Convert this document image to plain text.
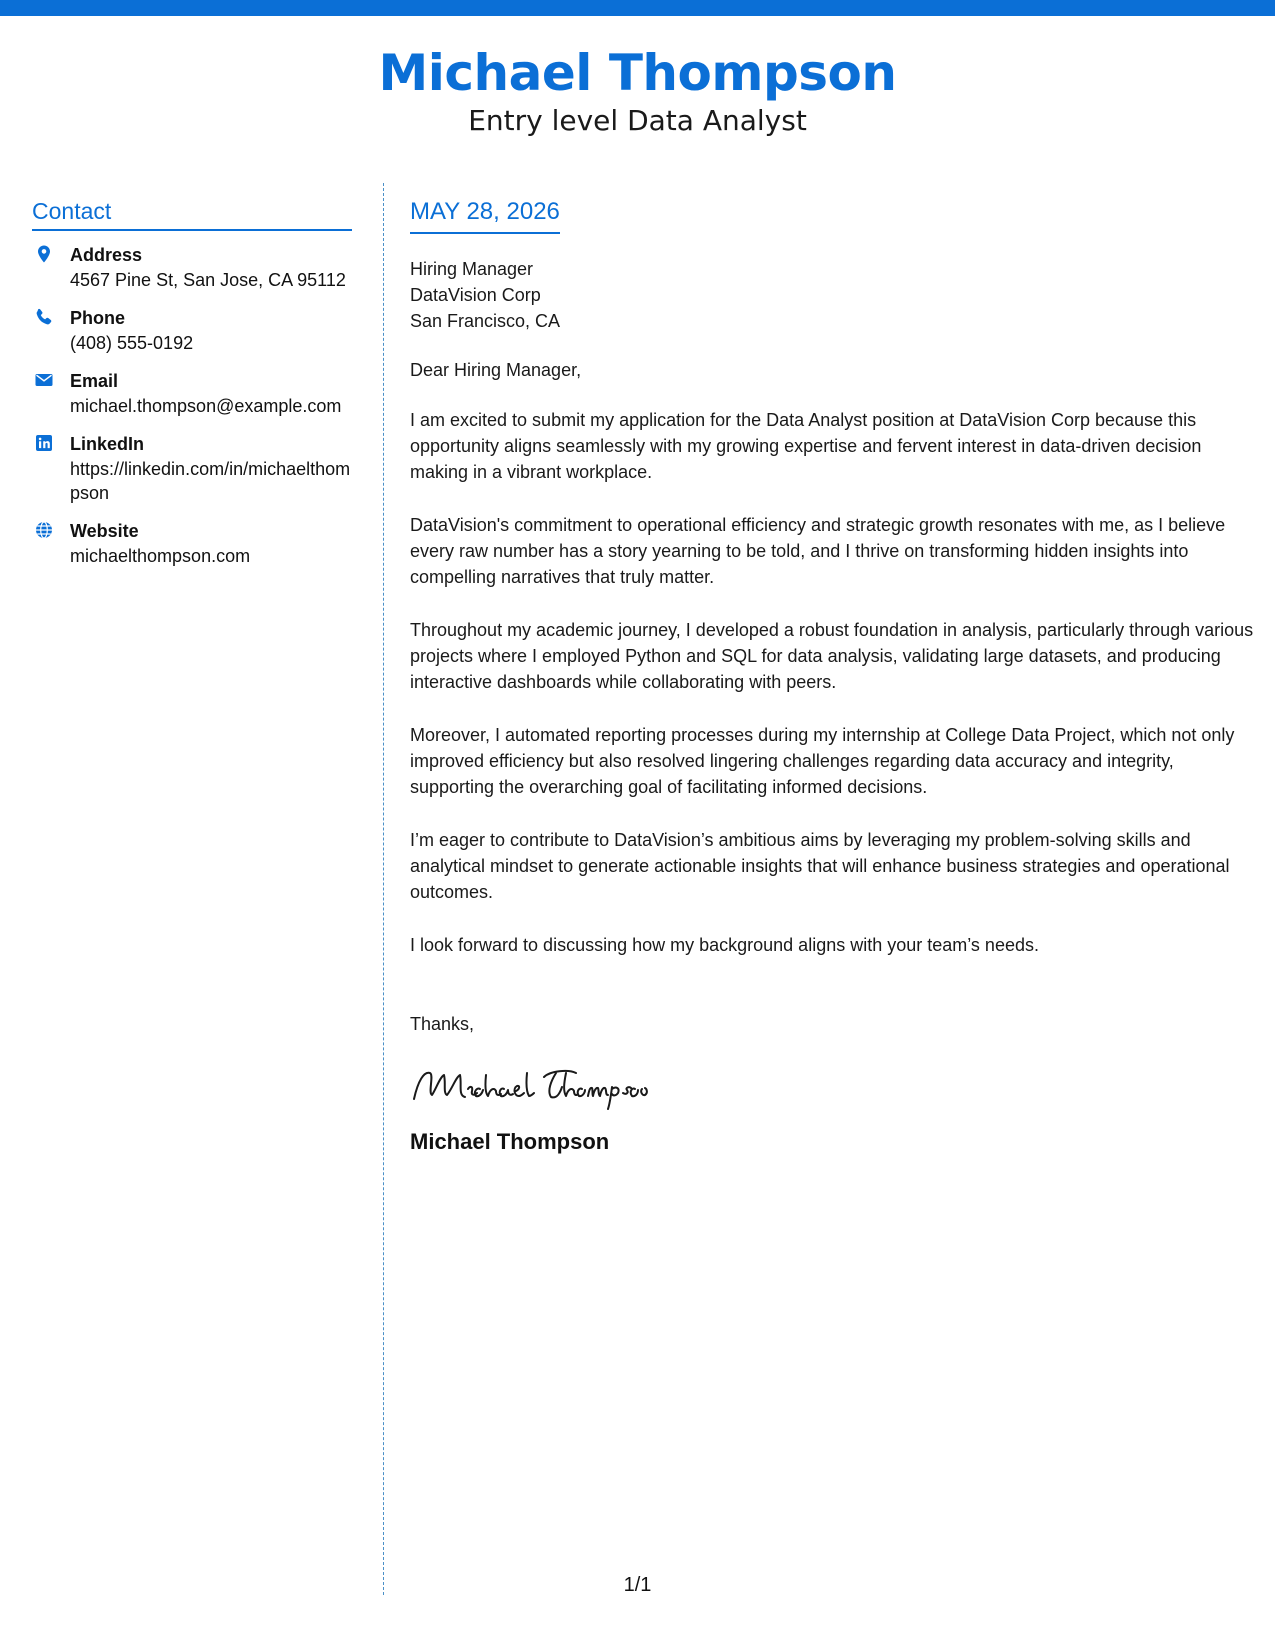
Michael Thompson
Entry level Data Analyst
Contact
Address
4567 Pine St, San Jose, CA 95112
Phone
(408) 555-0192
Email
michael.thompson@example.com
LinkedIn
https://linkedin.com/in/michaelthompson
Website
michaelthompson.com
MAY 28, 2026
Hiring Manager
DataVision Corp
San Francisco, CA
Dear Hiring Manager,
I am excited to submit my application for the Data Analyst position at DataVision Corp because this opportunity aligns seamlessly with my growing expertise and fervent interest in data-driven decision making in a vibrant workplace.
DataVision's commitment to operational efficiency and strategic growth resonates with me, as I believe every raw number has a story yearning to be told, and I thrive on transforming hidden insights into compelling narratives that truly matter.
Throughout my academic journey, I developed a robust foundation in analysis, particularly through various projects where I employed Python and SQL for data analysis, validating large datasets, and producing interactive dashboards while collaborating with peers.
Moreover, I automated reporting processes during my internship at College Data Project, which not only improved efficiency but also resolved lingering challenges regarding data accuracy and integrity, supporting the overarching goal of facilitating informed decisions.
I’m eager to contribute to DataVision’s ambitious aims by leveraging my problem-solving skills and analytical mindset to generate actionable insights that will enhance business strategies and operational outcomes.
I look forward to discussing how my background aligns with your team’s needs.
Thanks,
Michael Thompson
1/1
